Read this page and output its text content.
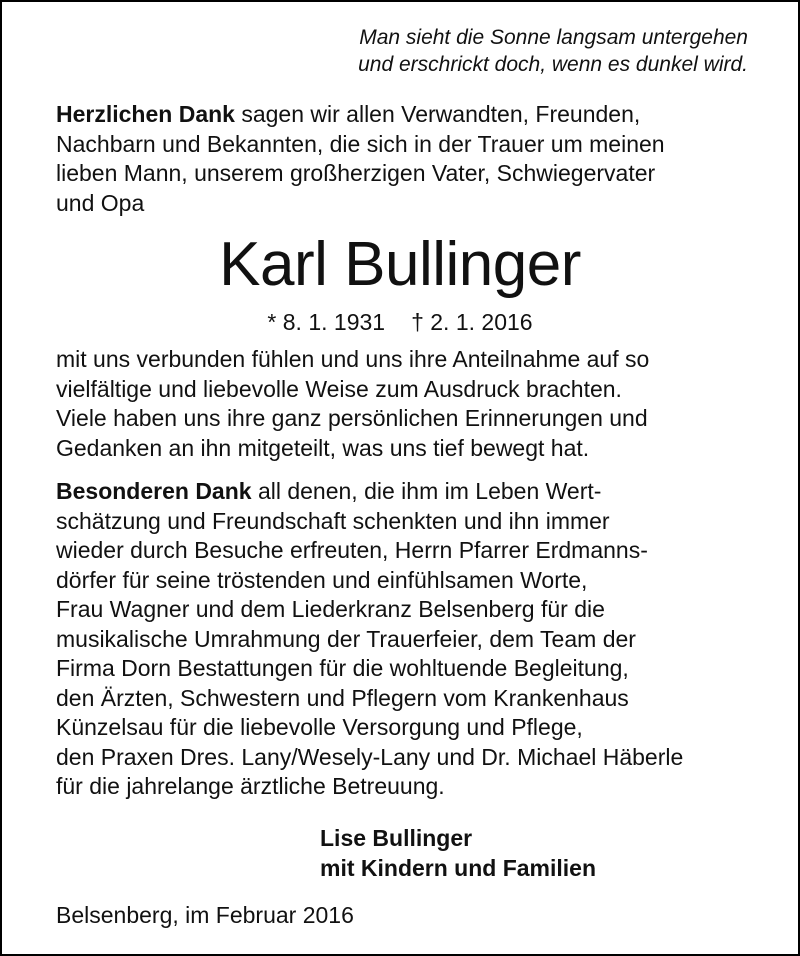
Man sieht die Sonne langsam untergehen
und erschrickt doch, wenn es dunkel wird.
Herzlichen Dank sagen wir allen Verwandten, Freunden,
Nachbarn und Bekannten, die sich in der Trauer um meinen
lieben Mann, unserem großherzigen Vater, Schwiegervater
und Opa
Karl Bullinger
* 8. 1. 1931 † 2. 1. 2016
mit uns verbunden fühlen und uns ihre Anteilnahme auf so
vielfältige und liebevolle Weise zum Ausdruck brachten.
Viele haben uns ihre ganz persönlichen Erinnerungen und
Gedanken an ihn mitgeteilt, was uns tief bewegt hat.
Besonderen Dank all denen, die ihm im Leben Wert-
schätzung und Freundschaft schenkten und ihn immer
wieder durch Besuche erfreuten, Herrn Pfarrer Erdmanns-
dörfer für seine tröstenden und einfühlsamen Worte,
Frau Wagner und dem Liederkranz Belsenberg für die
musikalische Umrahmung der Trauerfeier, dem Team der
Firma Dorn Bestattungen für die wohltuende Begleitung,
den Ärzten, Schwestern und Pflegern vom Krankenhaus
Künzelsau für die liebevolle Versorgung und Pflege,
den Praxen Dres. Lany/Wesely-Lany und Dr. Michael Häberle
für die jahrelange ärztliche Betreuung.
Lise Bullinger
mit Kindern und Familien
Belsenberg, im Februar 2016
